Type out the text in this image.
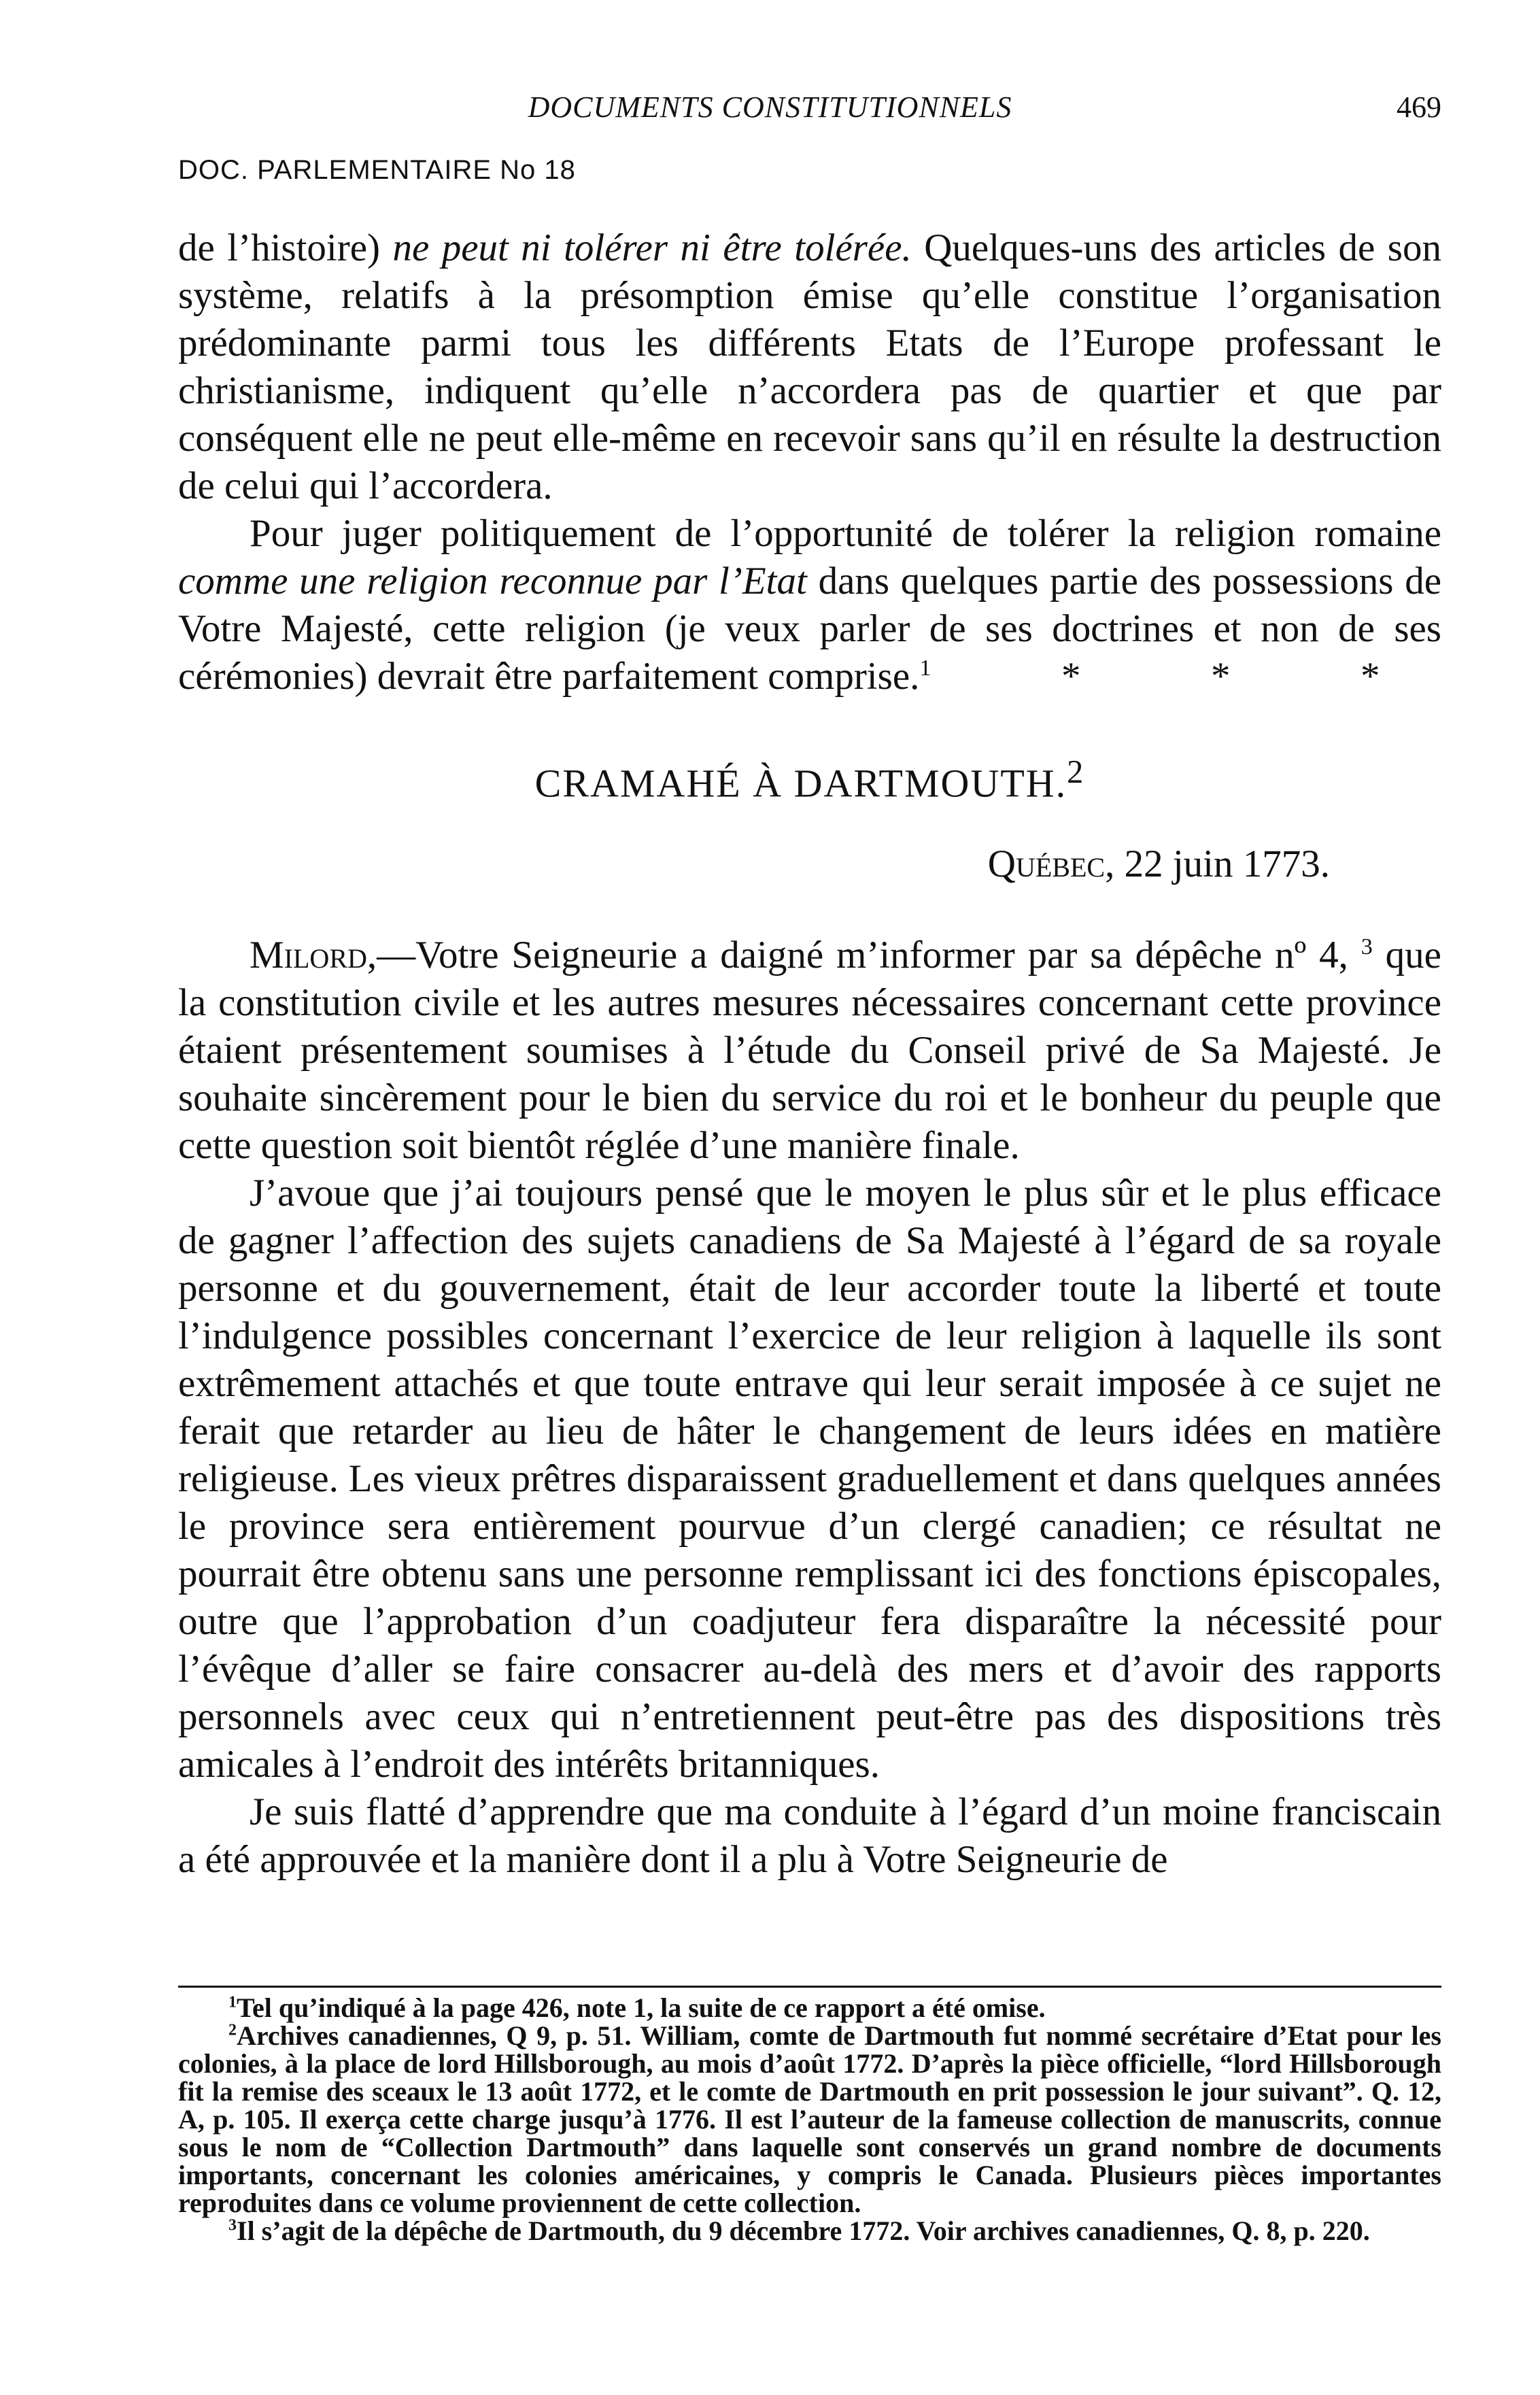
DOCUMENTS CONSTITUTIONNELS	469
DOC. PARLEMENTAIRE No 18

de l’histoire) ne peut ni tolérer ni être tolérée. Quelques-uns des articles de son système, relatifs à la présomption émise qu’elle constitue l’organisation prédominante parmi tous les différents Etats de l’Europe professant le christianisme, indiquent qu’elle n’accordera pas de quartier et que par conséquent elle ne peut elle-même en recevoir sans qu’il en résulte la destruction de celui qui l’accordera.

Pour juger politiquement de l’opportunité de tolérer la religion romaine comme une religion reconnue par l’Etat dans quelques partie des possessions de Votre Majesté, cette religion (je veux parler de ses doctrines et non de ses cérémonies) devrait être parfaitement comprise.$^1$	*	*	*

CRAMAHÉ À DARTMOUTH.$^2$
Québec, 22 juin 1773.

Milord,—Votre Seigneurie a daigné m’informer par sa dépêche nº 4, $^3$ que la constitution civile et les autres mesures nécessaires concernant cette province étaient présentement soumises à l’étude du Conseil privé de Sa Majesté. Je souhaite sincèrement pour le bien du service du roi et le bonheur du peuple que cette question soit bientôt réglée d’une manière finale.

J’avoue que j’ai toujours pensé que le moyen le plus sûr et le plus efficace de gagner l’affection des sujets canadiens de Sa Majesté à l’égard de sa royale personne et du gouvernement, était de leur accorder toute la liberté et toute l’indulgence possibles concernant l’exercice de leur religion à laquelle ils sont extrêmement attachés et que toute entrave qui leur serait imposée à ce sujet ne ferait que retarder au lieu de hâter le changement de leurs idées en matière religieuse. Les vieux prêtres disparaissent graduellement et dans quelques années le province sera entièrement pourvue d’un clergé canadien; ce résultat ne pourrait être obtenu sans une personne remplissant ici des fonctions épiscopales, outre que l’approbation d’un coadjuteur fera disparaître la nécessité pour l’évêque d’aller se faire consacrer au-delà des mers et d’avoir des rapports personnels avec ceux qui n’entretiennent peut-être pas des dispositions très amicales à l’endroit des intérêts britanniques.

Je suis flatté d’apprendre que ma conduite à l’égard d’un moine franciscain a été approuvée et la manière dont il a plu à Votre Seigneurie de

$^1$Tel qu’indiqué à la page 426, note 1, la suite de ce rapport a été omise.

$^2$Archives canadiennes, Q 9, p. 51. William, comte de Dartmouth fut nommé secrétaire d’Etat pour les colonies, à la place de lord Hillsborough, au mois d’août 1772. D’après la pièce officielle, “lord Hillsborough fit la remise des sceaux le 13 août 1772, et le comte de Dartmouth en prit possession le jour suivant”. Q. 12, A, p. 105. Il exerça cette charge jusqu’à 1776. Il est l’auteur de la fameuse collection de manuscrits, connue sous le nom de “Collection Dartmouth” dans laquelle sont conservés un grand nombre de documents importants, concernant les colonies américaines, y compris le Canada. Plusieurs pièces importantes reproduites dans ce volume proviennent de cette collection.

$^3$Il s’agit de la dépêche de Dartmouth, du 9 décembre 1772. Voir archives canadiennes, Q. 8, p. 220.
